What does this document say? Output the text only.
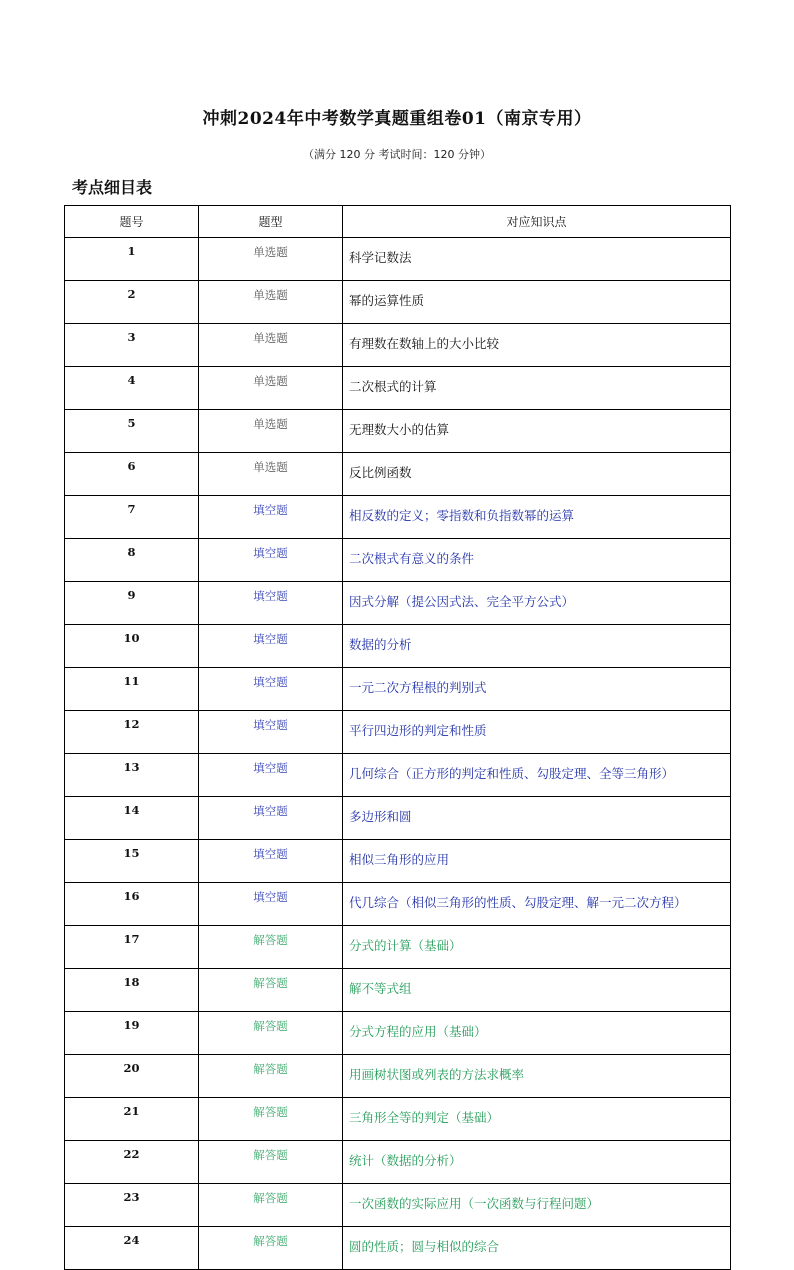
冲刺2024年中考数学真题重组卷01（南京专用）
（满分 120 分 考试时间：120 分钟）
考点细目表
题号	题型	对应知识点
1	单选题	科学记数法
2	单选题	幂的运算性质
3	单选题	有理数在数轴上的大小比较
4	单选题	二次根式的计算
5	单选题	无理数大小的估算
6	单选题	反比例函数
7	填空题	相反数的定义；零指数和负指数幂的运算
8	填空题	二次根式有意义的条件
9	填空题	因式分解（提公因式法、完全平方公式）
10	填空题	数据的分析
11	填空题	一元二次方程根的判别式
12	填空题	平行四边形的判定和性质
13	填空题	几何综合（正方形的判定和性质、勾股定理、全等三角形）
14	填空题	多边形和圆
15	填空题	相似三角形的应用
16	填空题	代几综合（相似三角形的性质、勾股定理、解一元二次方程）
17	解答题	分式的计算（基础）
18	解答题	解不等式组
19	解答题	分式方程的应用（基础）
20	解答题	用画树状图或列表的方法求概率
21	解答题	三角形全等的判定（基础）
22	解答题	统计（数据的分析）
23	解答题	一次函数的实际应用（一次函数与行程问题）
24	解答题	圆的性质；圆与相似的综合
